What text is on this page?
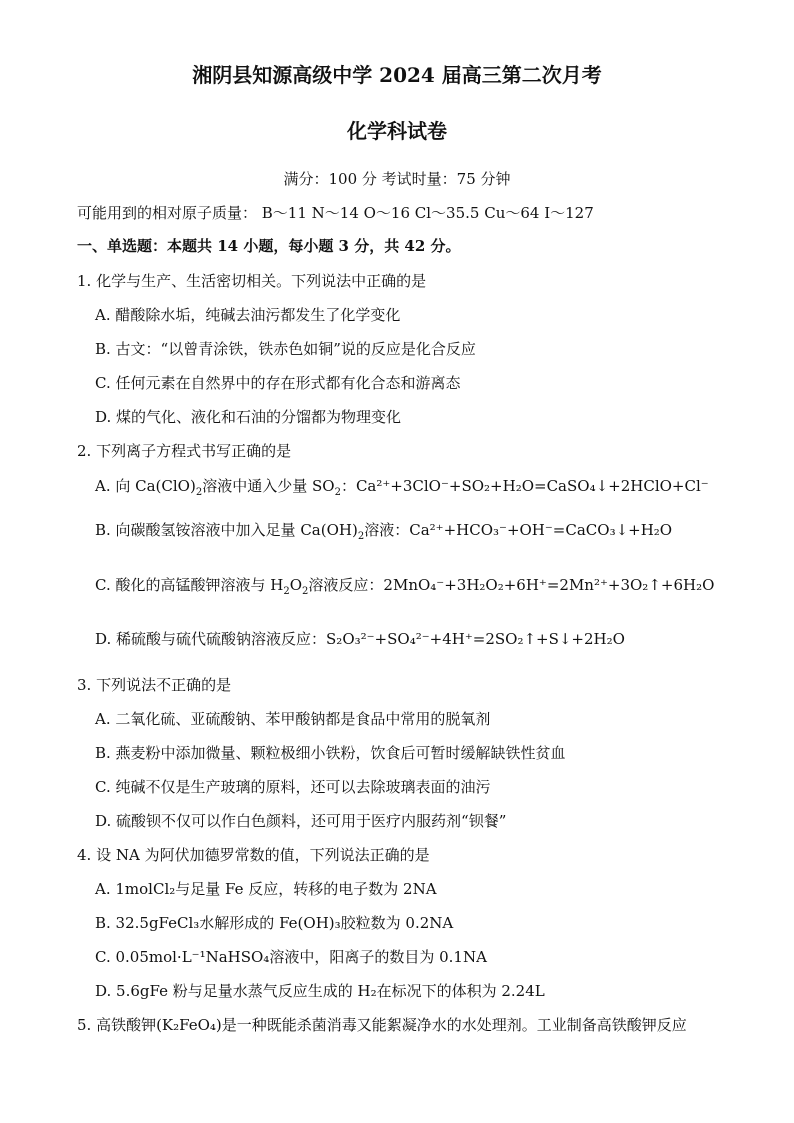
湘阴县知源高级中学 2024 届高三第二次月考
化学科试卷
满分：100 分 考试时量：75 分钟
可能用到的相对原子质量： B～11 N～14 O～16 Cl～35.5 Cu～64 I～127
一、单选题：本题共 14 小题，每小题 3 分，共 42 分。
1. 化学与生产、生活密切相关。下列说法中正确的是
A. 醋酸除水垢，纯碱去油污都发生了化学变化
B. 古文：“以曾青涂铁，铁赤色如铜”说的反应是化合反应
C. 任何元素在自然界中的存在形式都有化合态和游离态
D. 煤的气化、液化和石油的分馏都为物理变化
2. 下列离子方程式书写正确的是
A. 向 $Ca(ClO)_2$溶液中通入少量 $SO_2$：Ca²⁺+3ClO⁻+SO₂+H₂O=CaSO₄↓+2HClO+Cl⁻
B. 向碳酸氢铵溶液中加入足量 $Ca(OH)_2$溶液：Ca²⁺+HCO₃⁻+OH⁻=CaCO₃↓+H₂O
C. 酸化的高锰酸钾溶液与 $H_2O_2$溶液反应：2MnO₄⁻+3H₂O₂+6H⁺=2Mn²⁺+3O₂↑+6H₂O
D. 稀硫酸与硫代硫酸钠溶液反应：S₂O₃²⁻+SO₄²⁻+4H⁺=2SO₂↑+S↓+2H₂O
3. 下列说法不正确的是
A. 二氧化硫、亚硫酸钠、苯甲酸钠都是食品中常用的脱氧剂
B. 燕麦粉中添加微量、颗粒极细小铁粉，饮食后可暂时缓解缺铁性贫血
C. 纯碱不仅是生产玻璃的原料，还可以去除玻璃表面的油污
D. 硫酸钡不仅可以作白色颜料，还可用于医疗内服药剂“钡餐”
4. 设 NA 为阿伏加德罗常数的值，下列说法正确的是
A. 1molCl₂与足量 Fe 反应，转移的电子数为 2NA
B. 32.5gFeCl₃水解形成的 Fe(OH)₃胶粒数为 0.2NA
C. 0.05mol·L⁻¹NaHSO₄溶液中，阳离子的数目为 0.1NA
D. 5.6gFe 粉与足量水蒸气反应生成的 H₂在标况下的体积为 2.24L
5. 高铁酸钾(K₂FeO₄)是一种既能杀菌消毒又能絮凝净水的水处理剂。工业制备高铁酸钾反应
